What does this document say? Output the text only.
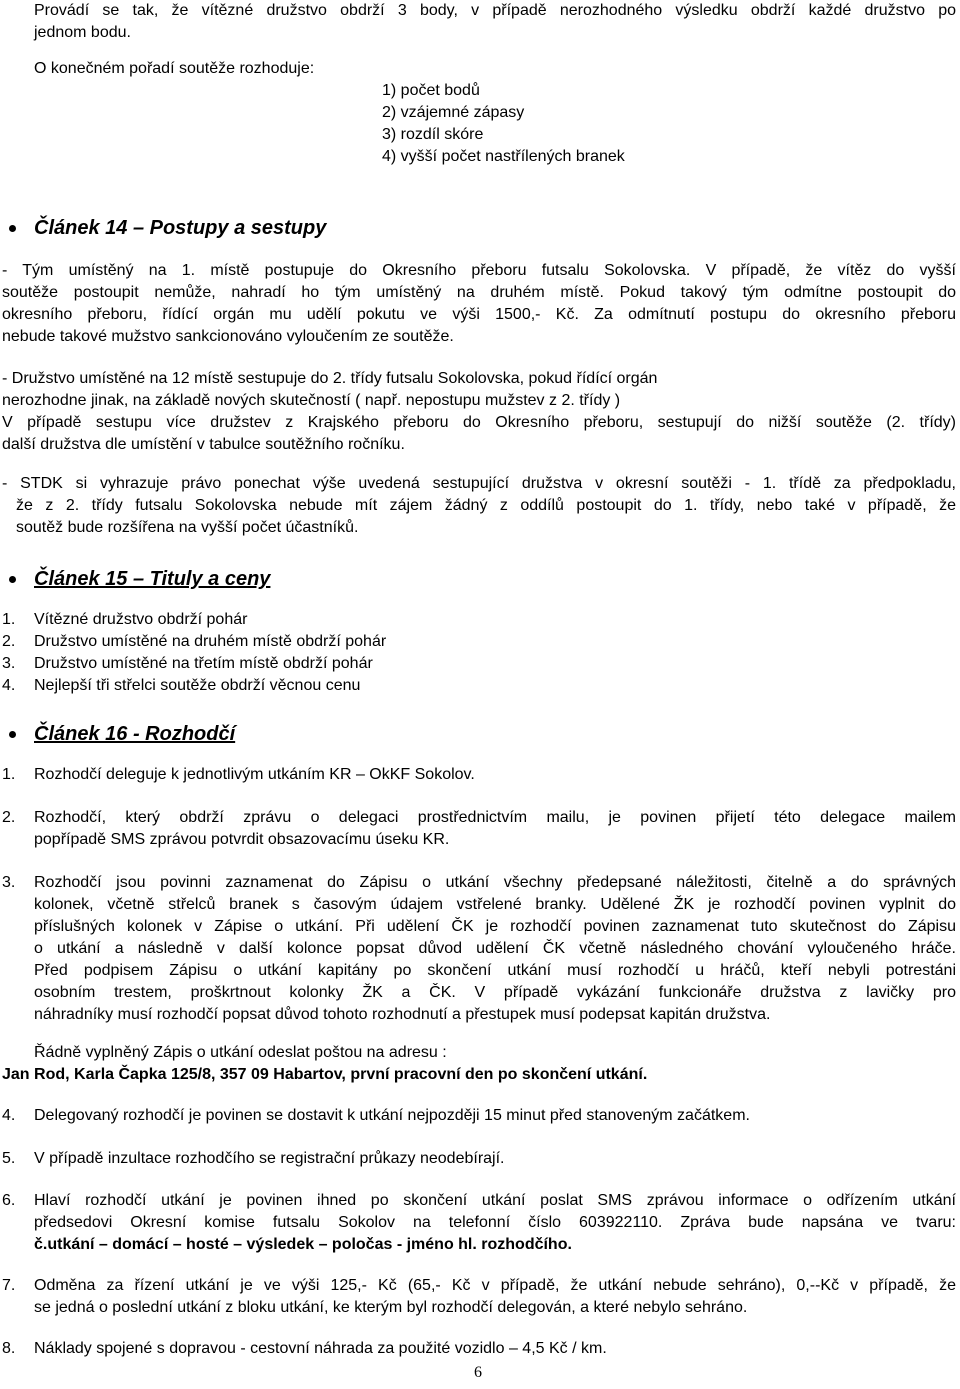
Provádí se tak, že vítězné družstvo obdrží 3 body, v případě nerozhodného výsledku obdrží každé družstvo po
jednom bodu.
O konečném pořadí soutěže rozhoduje:
1) počet bodů
2) vzájemné zápasy
3) rozdíl skóre
4) vyšší počet nastřílených branek
Článek 14 – Postupy a sestupy
- Tým umístěný na 1. místě postupuje do Okresního přeboru futsalu Sokolovska. V případě, že vítěz do vyšší
soutěže postoupit nemůže, nahradí ho tým umístěný na druhém místě. Pokud takový tým odmítne postoupit do
okresního přeboru, řídící orgán mu udělí pokutu ve výši 1500,- Kč. Za odmítnutí postupu do okresního přeboru
nebude takové mužstvo sankcionováno vyloučením ze soutěže.
- Družstvo umístěné na 12 místě sestupuje do 2. třídy futsalu Sokolovska, pokud řídící orgán
nerozhodne jinak, na základě nových skutečností ( např. nepostupu mužstev z 2. třídy )
V případě sestupu více družstev z Krajského přeboru do Okresního přeboru, sestupují do nižší soutěže (2. třídy)
další družstva dle umístění v tabulce soutěžního ročníku.
- STDK si vyhrazuje právo ponechat výše uvedená sestupující družstva v okresní soutěži - 1. třídě za předpokladu,
že z 2. třídy futsalu Sokolovska nebude mít zájem žádný z oddílů postoupit do 1. třídy, nebo také v případě, že
soutěž bude rozšířena na vyšší počet účastníků.
Článek 15 – Tituly a ceny
1. Vítězné družstvo obdrží pohár
2. Družstvo umístěné na druhém místě obdrží pohár
3. Družstvo umístěné na třetím místě obdrží pohár
4. Nejlepší tři střelci soutěže obdrží věcnou cenu
Článek 16 - Rozhodčí
1. Rozhodčí deleguje k jednotlivým utkáním KR – OkKF Sokolov.
2. Rozhodčí, který obdrží zprávu o delegaci prostřednictvím mailu, je povinen přijetí této delegace mailem
popřípadě SMS zprávou potvrdit obsazovacímu úseku KR.
3. Rozhodčí jsou povinni zaznamenat do Zápisu o utkání všechny předepsané náležitosti, čitelně a do správných
kolonek, včetně střelců branek s časovým údajem vstřelené branky. Udělené ŽK je rozhodčí povinen vyplnit do
příslušných kolonek v Zápise o utkání. Při udělení ČK je rozhodčí povinen zaznamenat tuto skutečnost do Zápisu
o utkání a následně v další kolonce popsat důvod udělení ČK včetně následného chování vyloučeného hráče.
Před podpisem Zápisu o utkání kapitány po skončení utkání musí rozhodčí u hráčů, kteří nebyli potrestáni
osobním trestem, proškrtnout kolonky ŽK a ČK. V případě vykázání funkcionáře družstva z lavičky pro
náhradníky musí rozhodčí popsat důvod tohoto rozhodnutí a přestupek musí podepsat kapitán družstva.
Řádně vyplněný Zápis o utkání odeslat poštou na adresu :
Jan Rod, Karla Čapka 125/8, 357 09 Habartov, první pracovní den po skončení utkání.
4. Delegovaný rozhodčí je povinen se dostavit k utkání nejpozději 15 minut před stanoveným začátkem.
5. V případě inzultace rozhodčího se registrační průkazy neodebírají.
6. Hlaví rozhodčí utkání je povinen ihned po skončení utkání poslat SMS zprávou informace o odřízením utkání
předsedovi Okresní komise futsalu Sokolov na telefonní číslo 603922110. Zpráva bude napsána ve tvaru:
č.utkání – domácí – hosté – výsledek – poločas - jméno hl. rozhodčího.
7. Odměna za řízení utkání je ve výši 125,- Kč (65,- Kč v případě, že utkání nebude sehráno), 0,--Kč v případě, že
se jedná o poslední utkání z bloku utkání, ke kterým byl rozhodčí delegován, a které nebylo sehráno.
8. Náklady spojené s dopravou - cestovní náhrada za použité vozidlo – 4,5 Kč / km.
6
